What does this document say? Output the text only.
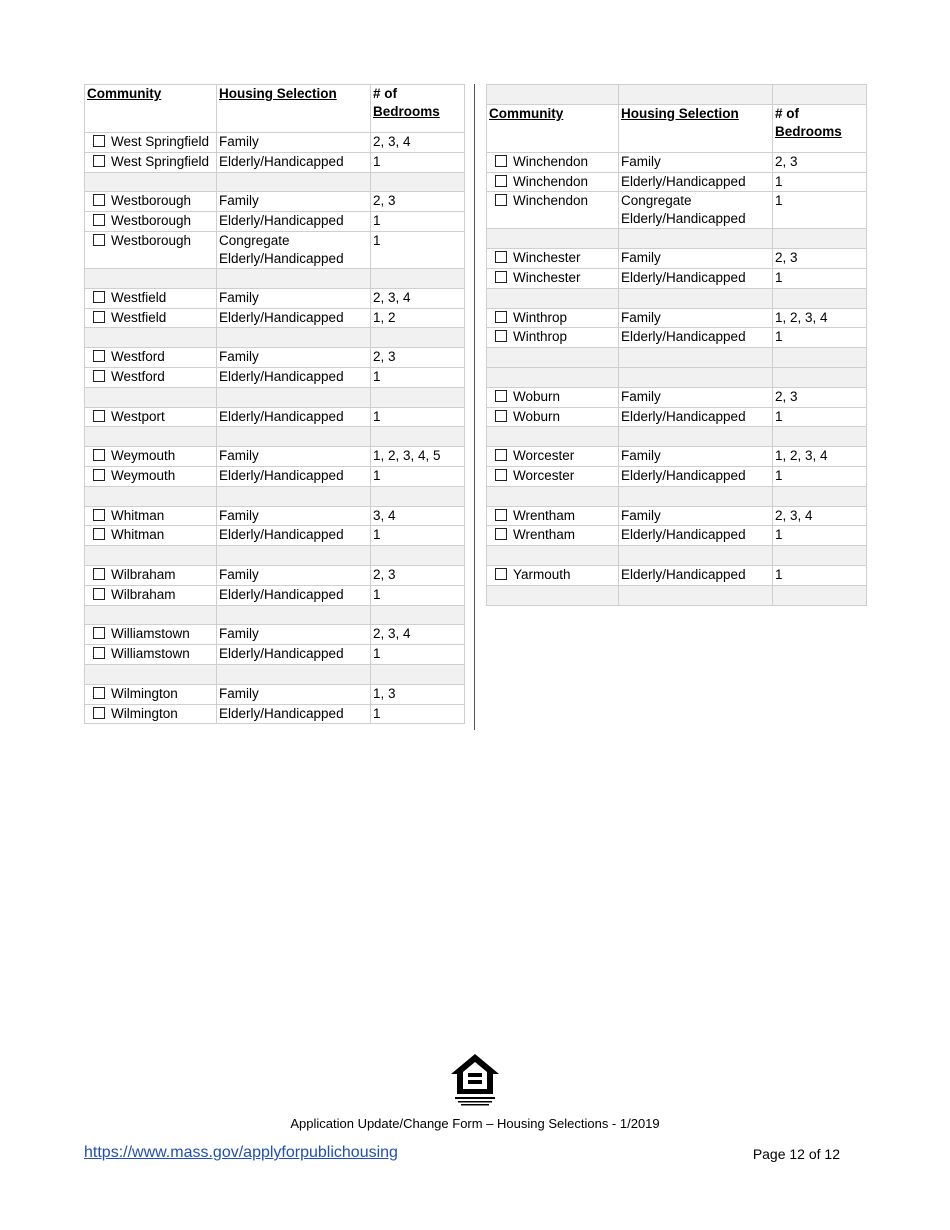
Community	Housing Selection	# of
Bedrooms
West Springfield	Family	2, 3, 4
West Springfield	Elderly/Handicapped	1

Westborough	Family	2, 3
Westborough	Elderly/Handicapped	1
Westborough	Congregate Elderly/Handicapped	1

Westfield	Family	2, 3, 4
Westfield	Elderly/Handicapped	1, 2

Westford	Family	2, 3
Westford	Elderly/Handicapped	1

Westport	Elderly/Handicapped	1

Weymouth	Family	1, 2, 3, 4, 5
Weymouth	Elderly/Handicapped	1

Whitman	Family	3, 4
Whitman	Elderly/Handicapped	1

Wilbraham	Family	2, 3
Wilbraham	Elderly/Handicapped	1

Williamstown	Family	2, 3, 4
Williamstown	Elderly/Handicapped	1

Wilmington	Family	1, 3
Wilmington	Elderly/Handicapped	1

Community	Housing Selection	# of
Bedrooms
Winchendon	Family	2, 3
Winchendon	Elderly/Handicapped	1
Winchendon	Congregate Elderly/Handicapped	1

Winchester	Family	2, 3
Winchester	Elderly/Handicapped	1

Winthrop	Family	1, 2, 3, 4
Winthrop	Elderly/Handicapped	1

Woburn	Family	2, 3
Woburn	Elderly/Handicapped	1

Worcester	Family	1, 2, 3, 4
Worcester	Elderly/Handicapped	1

Wrentham	Family	2, 3, 4
Wrentham	Elderly/Handicapped	1

Yarmouth	Elderly/Handicapped	1

Application Update/Change Form – Housing Selections - 1/2019
https://www.mass.gov/applyforpublichousing	Page 12 of 12
